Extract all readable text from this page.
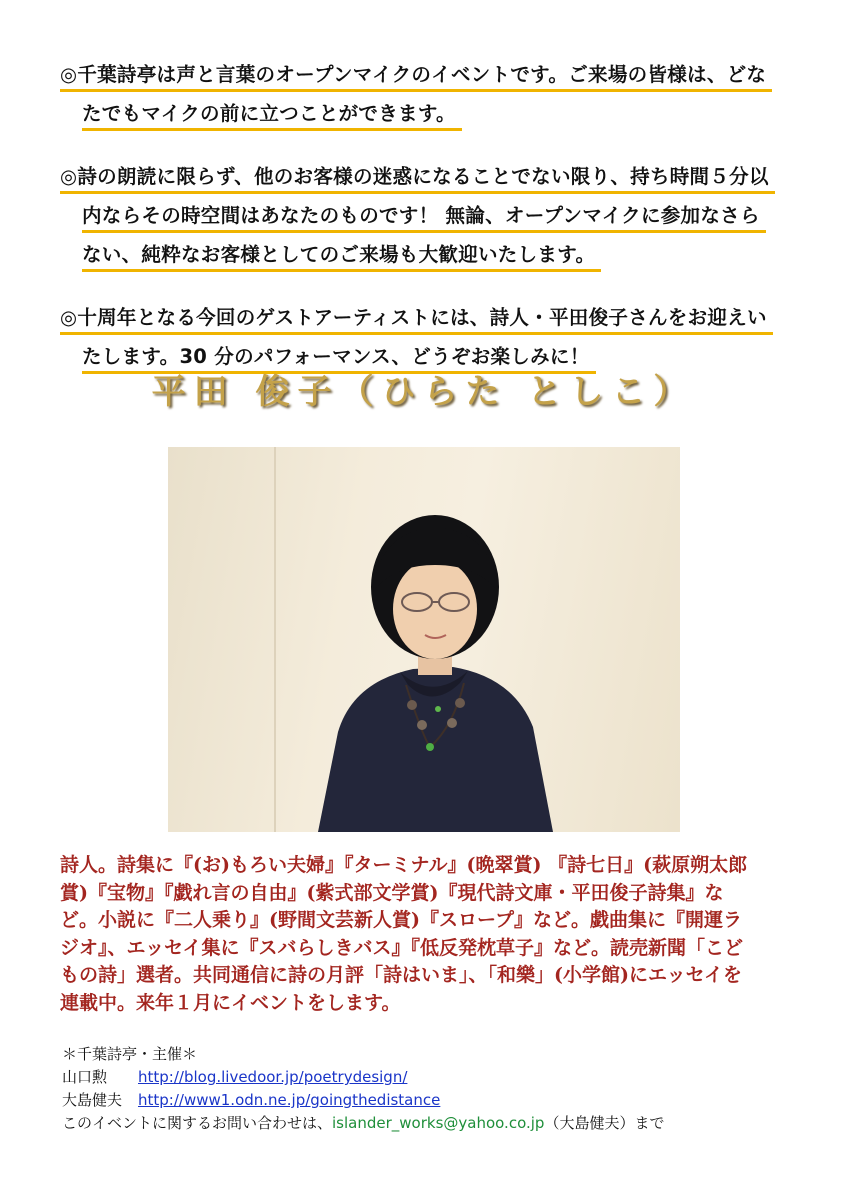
◎千葉詩亭は声と言葉のオープンマイクのイベントです。ご来場の皆様は、どな
たでもマイクの前に立つことができます。

◎詩の朗読に限らず、他のお客様の迷惑になることでない限り、持ち時間５分以
内ならその時空間はあなたのものです！ 無論、オープンマイクに参加なさら
ない、純粋なお客様としてのご来場も大歓迎いたします。

◎十周年となる今回のゲストアーティストには、詩人・平田俊子さんをお迎えい
たします。30 分のパフォーマンス、どうぞお楽しみに！

平田 俊子（ひらた としこ）
詩人。詩集に『(お)もろい夫婦』『ターミナル』(晩翠賞) 『詩七日』(萩原朔太郎
賞)『宝物』『戯れ言の自由』(紫式部文学賞)『現代詩文庫・平田俊子詩集』な
ど。小説に『二人乗り』(野間文芸新人賞)『スロープ』など。戯曲集に『開運ラ
ジオ』、エッセイ集に『スバらしきバス』『低反発枕草子』など。読売新聞「こど
もの詩」選者。共同通信に詩の月評「詩はいま」、「和樂」(小学館)にエッセイを
連載中。来年１月にイベントをします。
＊千葉詩亭・主催＊
山口勲 http://blog.livedoor.jp/poetrydesign/
大島健夫 http://www1.odn.ne.jp/goingthedistance
このイベントに関するお問い合わせは、islander_works@yahoo.co.jp（大島健夫）まで
